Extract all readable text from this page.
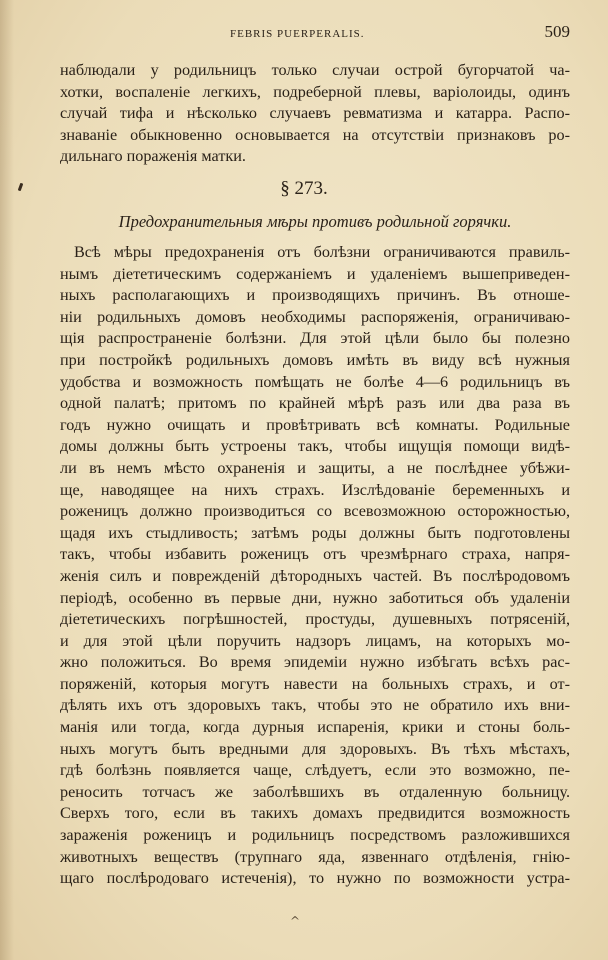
FEBRIS PUERPERALIS.	509
наблюдали у родильницъ только случаи острой бугорчатой ча-
хотки, воспаленіе легкихъ, подреберной плевы, варіолоиды, одинъ
случай тифа и нѣсколько случаевъ ревматизма и катарра. Распо-
знаваніе обыкновенно основывается на отсутствіи признаковъ ро-
дильнаго пораженія матки.
§ 273.
Предохранительныя мѣры противъ родильной горячки.
Всѣ мѣры предохраненія отъ болѣзни ограничиваются правиль-
нымъ діететическимъ содержаніемъ и удаленіемъ вышеприведен-
ныхъ располагающихъ и производящихъ причинъ. Въ отноше-
ніи родильныхъ домовъ необходимы распоряженія, ограничиваю-
щія распространеніе болѣзни. Для этой цѣли было бы полезно
при постройкѣ родильныхъ домовъ имѣть въ виду всѣ нужныя
удобства и возможность помѣщать не болѣе 4—6 родильницъ въ
одной палатѣ; притомъ по крайней мѣрѣ разъ или два раза въ
годъ нужно очищать и провѣтривать всѣ комнаты. Родильные
домы должны быть устроены такъ, чтобы ищущія помощи видѣ-
ли въ немъ мѣсто охраненія и защиты, а не послѣднее убѣжи-
ще, наводящее на нихъ страхъ. Изслѣдованіе беременныхъ и
роженицъ должно производиться со всевозможною осторожностью,
щадя ихъ стыдливость; затѣмъ роды должны быть подготовлены
такъ, чтобы избавить роженицъ отъ чрезмѣрнаго страха, напря-
женія силъ и поврежденій дѣтородныхъ частей. Въ послѣродовомъ
періодѣ, особенно въ первые дни, нужно заботиться объ удаленіи
діететическихъ погрѣшностей, простуды, душевныхъ потрясеній,
и для этой цѣли поручить надзоръ лицамъ, на которыхъ мо-
жно положиться. Во время эпидеміи нужно избѣгать всѣхъ рас-
поряженій, которыя могутъ навести на больныхъ страхъ, и от-
дѣлять ихъ отъ здоровыхъ такъ, чтобы это не обратило ихъ вни-
манія или тогда, когда дурныя испаренія, крики и стоны боль-
ныхъ могутъ быть вредными для здоровыхъ. Въ тѣхъ мѣстахъ,
гдѣ болѣзнь появляется чаще, слѣдуетъ, если это возможно, пе-
реносить тотчасъ же заболѣвшихъ въ отдаленную больницу.
Сверхъ того, если въ такихъ домахъ предвидится возможность
зараженія роженицъ и родильницъ посредствомъ разложившихся
животныхъ веществъ (трупнаго яда, язвеннаго отдѣленія, гнію-
щаго послѣродоваго истеченія), то нужно по возможности устра-
^
